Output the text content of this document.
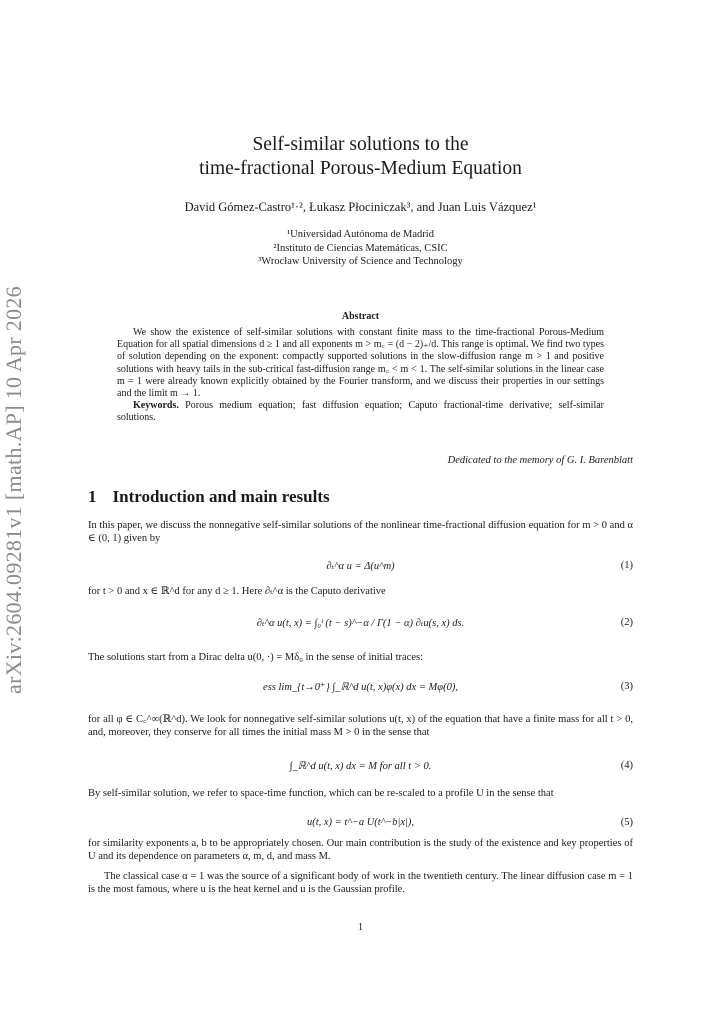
arXiv:2604.09281v1 [math.AP] 10 Apr 2026
Self-similar solutions to the
time-fractional Porous-Medium Equation
David Gómez-Castro¹·², Łukasz Płociniczak³, and Juan Luis Vázquez¹
¹Universidad Autónoma de Madrid
²Instituto de Ciencias Matemáticas, CSIC
³Wrocław University of Science and Technology
Abstract

We show the existence of self-similar solutions with constant finite mass to the time-fractional Porous-Medium Equation for all spatial dimensions d ≥ 1 and all exponents m > m꜀ = (d − 2)₊/d. This range is optimal. We find two types of solution depending on the exponent: compactly supported solutions in the slow-diffusion range m > 1 and positive solutions with heavy tails in the sub-critical fast-diffusion range m꜀ < m < 1. The self-similar solutions in the linear case m = 1 were already known explicitly obtained by the Fourier transform, and we discuss their properties in our settings and the limit m → 1.

Keywords. Porous medium equation; fast diffusion equation; Caputo fractional-time derivative; self-similar solutions.

Dedicated to the memory of G. I. Barenblatt
1 Introduction and main results
In this paper, we discuss the nonnegative self-similar solutions of the nonlinear time-fractional diffusion equation for m > 0 and α ∈ (0, 1) given by
∂ₜ^α u = Δ(u^m)	(1)
for t > 0 and x ∈ ℝ^d for any d ≥ 1. Here ∂ₜ^α is the Caputo derivative
∂ₜ^α u(t, x) = ∫₀ᵗ (t − s)^−α / Γ(1 − α) ∂ₜu(s, x) ds.	(2)
The solutions start from a Dirac delta u(0, ·) = Mδ₀ in the sense of initial traces:
ess lim_{t→0⁺} ∫_ℝ^d u(t, x)φ(x) dx = Mφ(0),	(3)
for all φ ∈ C꜀^∞(ℝ^d). We look for nonnegative self-similar solutions u(t, x) of the equation that have a finite mass for all t > 0, and, moreover, they conserve for all times the initial mass M > 0 in the sense that
∫_ℝ^d u(t, x) dx = M for all t > 0.	(4)
By self-similar solution, we refer to space-time function, which can be re-scaled to a profile U in the sense that
u(t, x) = t^−a U(t^−b|x|),	(5)
for similarity exponents a, b to be appropriately chosen. Our main contribution is the study of the existence and key properties of U and its dependence on parameters α, m, d, and mass M.
The classical case α = 1 was the source of a significant body of work in the twentieth century. The linear diffusion case m = 1 is the most famous, where u is the heat kernel and u is the Gaussian profile.
1
